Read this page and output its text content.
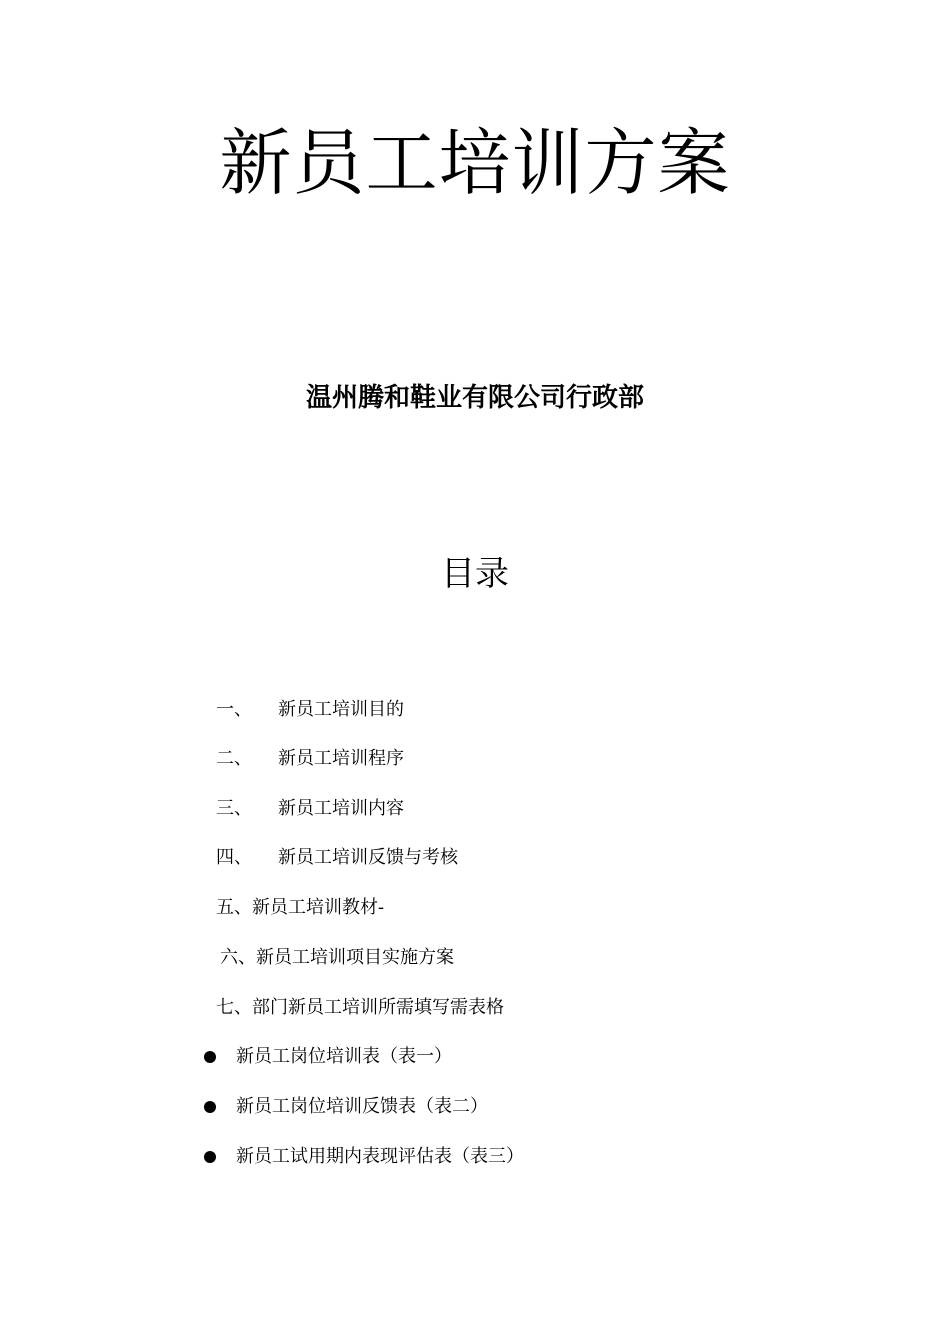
新员工培训方案
温州腾和鞋业有限公司行政部
目录
一、 新员工培训目的
二、 新员工培训程序
三、 新员工培训内容
四、 新员工培训反馈与考核
五、新员工培训教材-
六、新员工培训项目实施方案
七、部门新员工培训所需填写需表格
新员工岗位培训表（表一）
新员工岗位培训反馈表（表二）
新员工试用期内表现评估表（表三）
